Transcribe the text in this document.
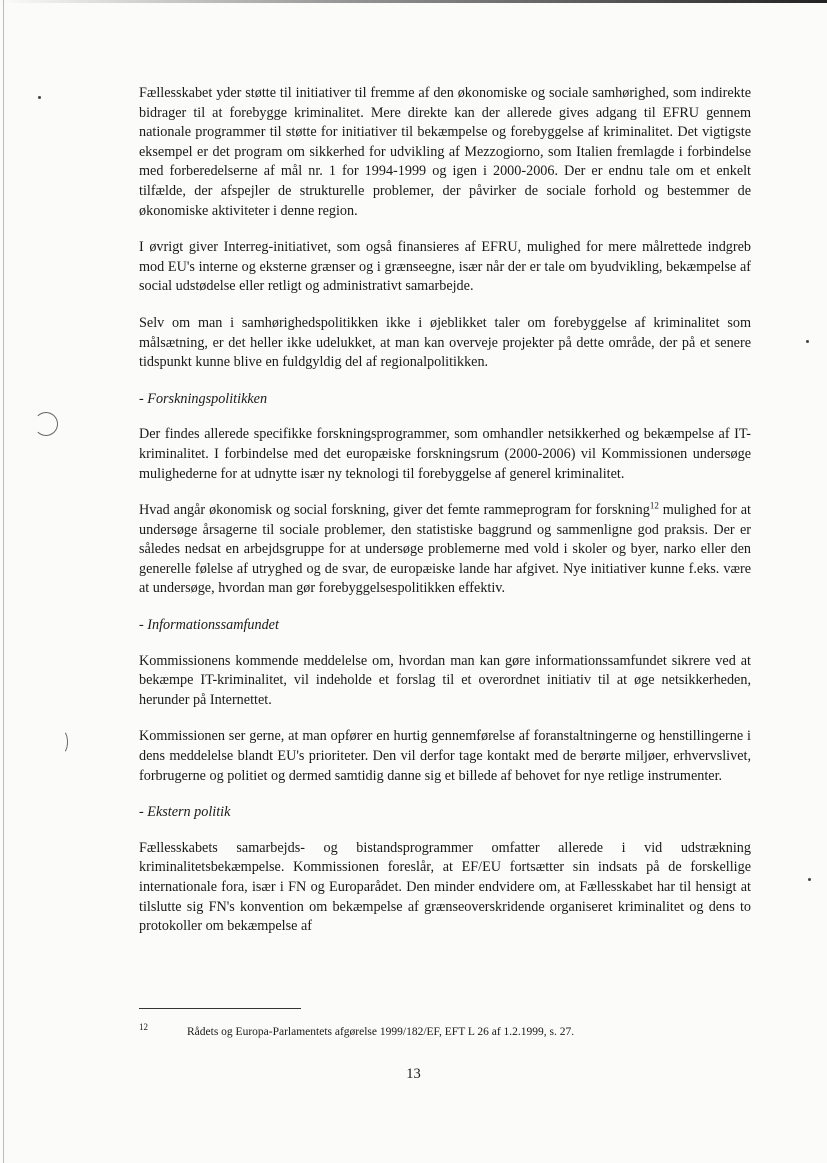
Fællesskabet yder støtte til initiativer til fremme af den økonomiske og sociale samhørighed, som indirekte bidrager til at forebygge kriminalitet. Mere direkte kan der allerede gives adgang til EFRU gennem nationale programmer til støtte for initiativer til bekæmpelse og forebyggelse af kriminalitet. Det vigtigste eksempel er det program om sikkerhed for udvikling af Mezzogiorno, som Italien fremlagde i forbindelse med forberedelserne af mål nr. 1 for 1994-1999 og igen i 2000-2006. Der er endnu tale om et enkelt tilfælde, der afspejler de strukturelle problemer, der påvirker de sociale forhold og bestemmer de økonomiske aktiviteter i denne region.

I øvrigt giver Interreg-initiativet, som også finansieres af EFRU, mulighed for mere målrettede indgreb mod EU's interne og eksterne grænser og i grænseegne, især når der er tale om byudvikling, bekæmpelse af social udstødelse eller retligt og administrativt samarbejde.

Selv om man i samhørighedspolitikken ikke i øjeblikket taler om forebyggelse af kriminalitet som målsætning, er det heller ikke udelukket, at man kan overveje projekter på dette område, der på et senere tidspunkt kunne blive en fuldgyldig del af regionalpolitikken.

- Forskningspolitikken

Der findes allerede specifikke forskningsprogrammer, som omhandler netsikkerhed og bekæmpelse af IT-kriminalitet. I forbindelse med det europæiske forskningsrum (2000-2006) vil Kommissionen undersøge mulighederne for at udnytte især ny teknologi til forebyggelse af generel kriminalitet.

Hvad angår økonomisk og social forskning, giver det femte rammeprogram for forskning$^{12}$ mulighed for at undersøge årsagerne til sociale problemer, den statistiske baggrund og sammenligne god praksis. Der er således nedsat en arbejdsgruppe for at undersøge problemerne med vold i skoler og byer, narko eller den generelle følelse af utryghed og de svar, de europæiske lande har afgivet. Nye initiativer kunne f.eks. være at undersøge, hvordan man gør forebyggelsespolitikken effektiv.

- Informationssamfundet

Kommissionens kommende meddelelse om, hvordan man kan gøre informationssamfundet sikrere ved at bekæmpe IT-kriminalitet, vil indeholde et forslag til et overordnet initiativ til at øge netsikkerheden, herunder på Internettet.

Kommissionen ser gerne, at man opfører en hurtig gennemførelse af foranstaltningerne og henstillingerne i dens meddelelse blandt EU's prioriteter. Den vil derfor tage kontakt med de berørte miljøer, erhvervslivet, forbrugerne og politiet og dermed samtidig danne sig et billede af behovet for nye retlige instrumenter.

- Ekstern politik

Fællesskabets samarbejds- og bistandsprogrammer omfatter allerede i vid udstrækning kriminalitetsbekæmpelse. Kommissionen foreslår, at EF/EU fortsætter sin indsats på de forskellige internationale fora, især i FN og Europarådet. Den minder endvidere om, at Fællesskabet har til hensigt at tilslutte sig FN's konvention om bekæmpelse af grænseoverskridende organiseret kriminalitet og dens to protokoller om bekæmpelse af

12	Rådets og Europa-Parlamentets afgørelse 1999/182/EF, EFT L 26 af 1.2.1999, s. 27.
13
